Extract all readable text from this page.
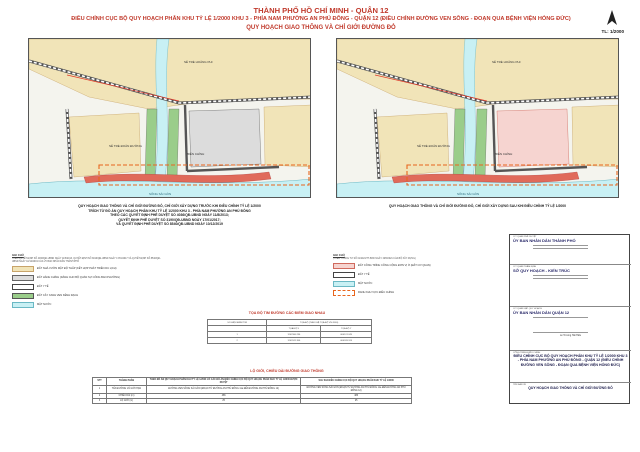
THÀNH PHỐ HỒ CHÍ MINH - QUẬN 12
ĐIỀU CHỈNH CỤC BỘ QUY HOẠCH PHÂN KHU TỶ LỆ 1/2000 KHU 3 - PHÍA NAM PHƯỜNG AN PHÚ ĐÔNG - QUẬN 12 (ĐIỀU CHỈNH ĐƯỜNG VEN SÔNG - ĐOẠN QUA BỆNH VIỆN HÓNG ĐỨC)
QUY HOẠCH GIAO THÔNG VÀ CHỈ GIỚI ĐƯỜNG ĐỎ
TL: 1/2000
SÊ TRẺ HOÀNG PHI
SÊ TRẺ ĐOÀN ĐƯỜNG
BIỂN CHÍNH
SÔNG SÀI GÒN
SÊ TRẺ HOÀNG PHI
SÊ TRẺ ĐOÀN ĐƯỜNG
BIỂN CHÍNH
SÔNG SÀI GÒN
QUY HOẠCH GIAO THÔNG VÀ CHỈ GIỚI ĐƯỜNG ĐỎ, CHỈ GIỚI XÂY DỰNG TRƯỚC KHI ĐIỀU CHỈNH TỶ LỆ 1/2000
TRÍCH TỪ ĐỒ ÁN QUY HOẠCH PHÂN KHU TỶ LỆ 1/2000 KHU 3 - PHÍA NAM PHƯỜNG AN PHÚ ĐÔNG
THEO CÁC QUYẾT ĐỊNH PHÊ DUYỆT SỐ 4036/QĐ-UBND NGÀY 11/8/2013;
QUYẾT ĐỊNH PHÊ DUYỆT SỐ 3190/QĐ-UBND NGÀY 17/01/2017;
VÀ QUYẾT ĐỊNH PHÊ DUYỆT SỐ 8540/QĐ-UBND NGÀY 10/12/2019
QUY HOẠCH GIAO THÔNG VÀ CHỈ GIỚI ĐƯỜNG ĐỎ, CHỈ GIỚI XÂY DỰNG SAU KHI ĐIỀU CHỈNH TỶ LỆ 1/2000
GHI CHÚ
THEO QUYẾT ĐỊNH SỐ 4036/QĐ-UBND NGÀY 11/8/2013, QUYẾT ĐỊNH SỐ 3190/QĐ-UBND NGÀY 17/01/2017 VÀ QUYẾT ĐỊNH SỐ 8540/QĐ-UBND NGÀY 10/12/2019 CỦA ỦY BAN NHÂN DÂN THÀNH PHỐ
ĐẤT NHÀ VƯỜN MẬT ĐỘ THẤP (KẾT HỢP PHÁT TRIỂN DU LỊCH)
ĐẤT HÀNH CHÍNH (DÀNH CHO BỘ QUẢN SỰ CÔNG BAN PHƯỜNG)
ĐẤT Y TẾ
ĐẤT CÂY XANH VEN KÊNH RẠCH
MẶT NƯỚC
GHI CHÚ
(THEO THÔNG TƯ SỐ 01/2021/TT-BXD NGÀY 19/5/2021 CỦA BỘ XÂY DỰNG)
ĐẤT CÔNG TRÌNH CÔNG CỘNG ĐƠN VỊ Ở (ĐẤT CƠ QUAN)
ĐẤT Y TẾ
MẶT NƯỚC
RANH KHU VỰC ĐIỀU CHỈNH
TỌA ĐỘ TIM ĐƯỜNG CÁC ĐIỂM GIAO NHAU
SỐ HIỆU ĐIỂM TIM	TỌA ĐỘ (THEO HỆ TỌA ĐỘ VN-2000)	
	TỌA ĐỘ X	TỌA ĐỘ Y
1	1202180.236	600174.245
2	1202241.356	600243.126
LỘ GIỚI, CHIỀU DÀI ĐƯỜNG GIAO THÔNG
STT	THÀNH PHẦN	THEO ĐỒ ÁN QUY HOẠCH PHÂN KHU TỶ LỆ 1/2000 VÀ CÁC ĐỒ ÁN ĐIỀU CHỈNH CỤC BỘ QUY HOẠCH PHÂN KHU TỶ LỆ 1/2000 ĐƯỢC DUYỆT	SAU KHI ĐIỀU CHỈNH CỤC BỘ QUY HOẠCH PHÂN KHU TỶ LỆ 1/2000
1	TÊN ĐƯỜNG VÀ GIỚI HẠN	ĐƯỜNG VEN SÔNG SÀI GÒN (ĐOẠN TỪ ĐƯỜNG AN PHÚ ĐÔNG 11a ĐẾN ĐƯỜNG AN PHÚ ĐÔNG 12)	ĐƯỜNG VEN SÔNG SÀI GÒN (ĐOẠN TỪ ĐƯỜNG AN PHÚ ĐÔNG 11a ĐẾN ĐƯỜNG AN PHÚ ĐÔNG 12)
2	CHIỀU DÀI (m)	486	486
3	LỘ GIỚI (m)	25	25
CƠ QUAN PHÊ DUYỆT
ỦY BAN NHÂN DÂN THÀNH PHỐ
CƠ QUAN THẨM ĐỊNH
SỞ QUY HOẠCH - KIẾN TRÚC
CƠ QUAN LẬP QUY HOẠCH
ỦY BAN NHÂN DÂN QUẬN 12
Lê Trương Hải Hiếu
CÔNG TRÌNH ĐIỀU CHỈNH
ĐIỀU CHỈNH CỤC BỘ QUY HOẠCH PHÂN KHU TỶ LỆ 1/2000 KHU 3 - PHÍA NAM PHƯỜNG AN PHÚ ĐÔNG - QUẬN 12 (ĐIỀU CHỈNH ĐƯỜNG VEN SÔNG - ĐOẠN QUA BỆNH VIỆN HÓNG ĐỨC)
TÊN BẢN VẼ
QUY HOẠCH GIAO THÔNG VÀ CHỈ GIỚI ĐƯỜNG ĐỎ
